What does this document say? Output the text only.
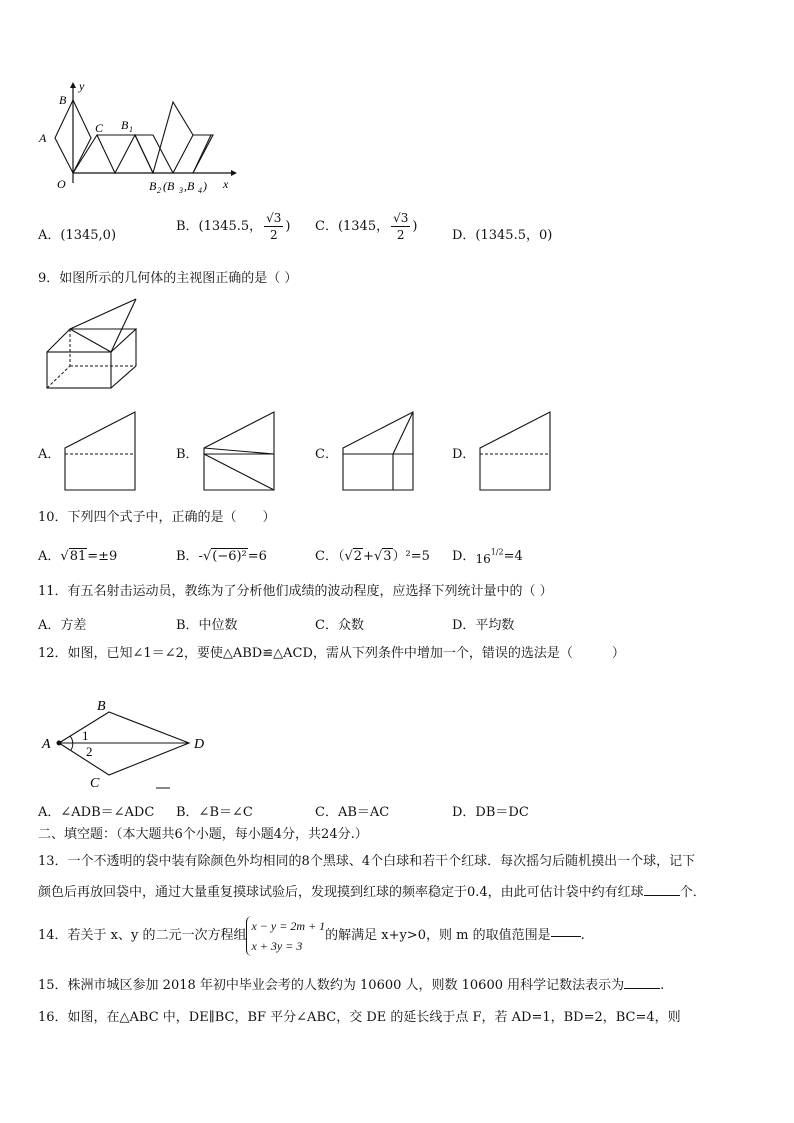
y
B
A
C B 1
O	x
B 2 (B 3 ,B 4 )
A．(1345,0)
B．(1345.5， $\frac{√3}{2}$ ) C．(1345， $\frac{√3}{2}$ )
D．(1345.5，0)
9．如图所示的几何体的主视图正确的是（ ）
A．	B．	C．	D．
10．下列四个式子中，正确的是（　　）
A．√81=±9	B．-√(−6)²=6	C．（√2+√3）²=5 D．$16^{1/2}=4$
11．有五名射击运动员，教练为了分析他们成绩的波动程度，应选择下列统计量中的（ ）
A．方差	B．中位数	C．众数	D．平均数
12．如图，已知∠1＝∠2，要使△ABD≌△ACD，需从下列条件中增加一个，错误的选法是（　　　）
A
B
C
D
1
2
A．∠ADB＝∠ADC B．∠B＝∠C	C．AB＝AC	D．DB＝DC
二、填空题：（本大题共6个小题，每小题4分，共24分.）
13．一个不透明的袋中装有除颜色外均相同的8个黑球、4个白球和若干个红球．每次摇匀后随机摸出一个球，记下
颜色后再放回袋中，通过大量重复摸球试验后，发现摸到红球的频率稳定于0.4，由此可估计袋中约有红球	个．
14．若关于 x、y 的二元一次方程组
x − y = 2m + 1
x + 3y = 3
的解满足 x+y>0，则 m 的取值范围是 .
15．株洲市城区参加 2018 年初中毕业会考的人数约为 10600 人，则数 10600 用科学记数法表示为	.
16．如图，在△ABC 中，DE∥BC，BF 平分∠ABC，交 DE 的延长线于点 F，若 AD=1，BD=2，BC=4，则
